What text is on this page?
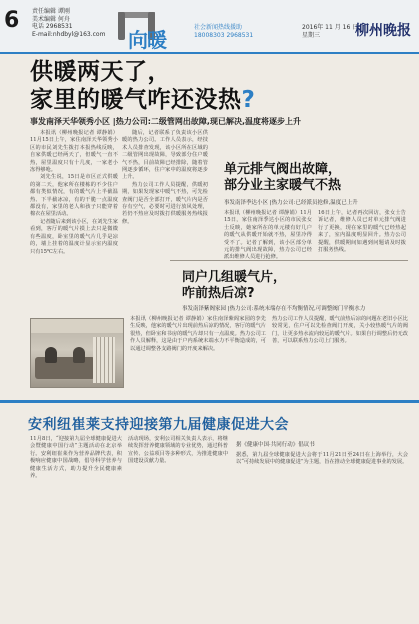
6 责任编辑 谭刚
美术编辑 何舟
电话 2968531
E-mail:nhdbyl@163.com 向暖
社会新闻热线援助
18008303 2968531
2016年 11 月 16 日
星期三	柳州晚报
供暖两天了，
家里的暖气咋还没热?
事发南泽天华领秀小区 |热力公司:二级管网出故障,现已解决,温度将逐步上升

本报讯（柳州晚报记者 谭静娟）11月15日上午，家住南泽天华领秀小区的市民刘先生拨打本报热线反映，自家供暖已经两天了，但暖气一直不热，屋里温度只有十几度，一家老小冻得够呛。

刘先生说，15日是市区正式供暖的第二天，他家所在楼栋的不少住户都有类似情况，有的暖气片上半截温热、下半截冰凉，有的干脆一点温度都没有，家里的老人和孩子只能穿着棉衣在屋里活动。

记者随后来到该小区，在刘先生家看到，客厅的暖气片摸上去只是微微有些温度，卧室里的暖气片几乎是凉的，墙上挂着的温度计显示室内温度只有15℃左右。

随后，记者联系了负责该小区供暖的热力公司。工作人员表示，经技术人员排查发现，该小区所在区域的二级管网出现故障，导致部分住户暖气不热，目前故障已经排除，随着管网逐步循环，住户家中的温度将逐步上升。

热力公司工作人员提醒，供暖初期，如果发现家中暖气不热，可先检查阀门是否全部打开，暖气片内是否存有空气，必要时可进行放风处理，若仍不热应及时拨打供暖服务热线报修。

单元排气阀出故障，
部分业主家暖气不热
事发南泽季达小区 |热力公司:已经派员抢修,温度已上升
本报讯（柳州晚报记者 谭静娟）11月15日，家住南泽季达小区的市民张女士反映，她家所在的单元楼有好几户的暖气从供暖开始就不热，屋里冷得受不了。记者了解到，该小区部分单元的排气阀出现故障，热力公司已经派出维修人员进行抢修。
16日上午，记者再次回访，张女士告诉记者，维修人员已对单元排气阀进行了更换，现在家里的暖气已经热起来了，室内温度明显回升。热力公司提醒，供暖期间如遇到问题请及时拨打服务热线。
同户几组暖气片，
咋前热后凉?
事发南泽紫阁家园 |热力公司:系统末端存在不均衡情况,可调整阀门平衡水力
本报讯（柳州晚报记者 谭静娟）家住南泽紫阁家园的李先生反映，他家的暖气片出现前热后凉的情况，客厅的暖气片很热，但卧室和书房的暖气片却只有一点温度。热力公司工作人员解释，这是由于户内系统末端水力不平衡造成的，可以通过调整各支路阀门的开度来解决。
热力公司工作人员提醒，暖气前热后凉的问题在老旧小区比较常见，住户可以先检查阀门开度，关小较热暖气片的阀门，让更多热水流向较远的暖气片。如果自行调整后仍无改善，可以联系热力公司上门服务。
安利纽崔莱支持迎接第九届健康促进大会
据《健康中国·共同行动》倡议书
11月8日，“迎接第九届全球健康促进大会暨健康中国行动”主题活动在北京举行。安利纽崔莱作为营养品牌代表，积极响应健康中国战略，倡导科学营养与健康生活方式，助力提升全民健康素养。
活动现场，安利公司相关负责人表示，将继续发挥营养健康领域的专业优势，通过科普宣传、公益项目等多种形式，为推进健康中国建设贡献力量。
据悉，第九届全球健康促进大会将于11月21日至24日在上海举行，大会以“可持续发展中的健康促进”为主题，旨在推动全球健康促进事业的发展。
